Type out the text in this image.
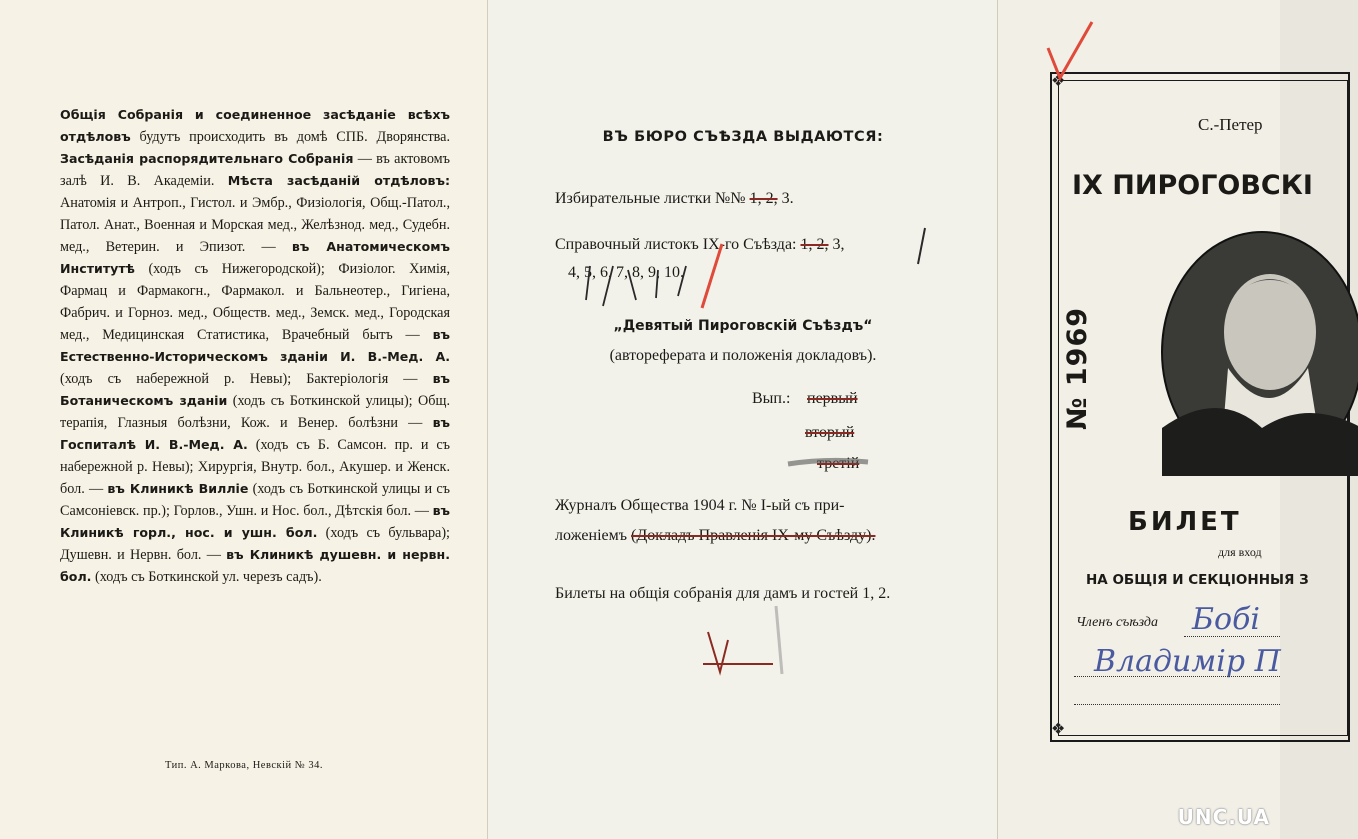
Общія Собранія и соединенное засѣданіе всѣхъ отдѣловъ будутъ происходить въ домѣ СПБ. Дворянства. Засѣданія распорядительнаго Собранія — въ актовомъ залѣ И. В. Академіи. Мѣста засѣданій отдѣловъ: Анатомія и Антроп., Гистол. и Эмбр., Физіологія, Общ.-Патол., Патол. Анат., Военная и Морская мед., Желѣзнод. мед., Судебн. мед., Ветерин. и Эпизот. — въ Анатомическомъ Институтѣ (ходъ съ Нижегородской); Физіолог. Химія, Фармац и Фармакогн., Фармакол. и Бальнеотер., Гигіена, Фабрич. и Горноз. мед., Обществ. мед., Земск. мед., Городская мед., Медицинская Статистика, Врачебный бытъ — въ Естественно-Историческомъ зданіи И. В.-Мед. А. (ходъ съ набережной р. Невы); Бактеріологія — въ Ботаническомъ зданіи (ходъ съ Боткинской улицы); Общ. терапія, Глазныя болѣзни, Кож. и Венер. болѣзни — въ Госпиталѣ И. В.-Мед. А. (ходъ съ Б. Самсон. пр. и съ набережной р. Невы); Хирургія, Внутр. бол., Акушер. и Женск. бол. — въ Клиникѣ Вилліе (ходъ съ Боткинской улицы и съ Самсоніевск. пр.); Горлов., Ушн. и Нос. бол., Дѣтскія бол. — въ Клиникѣ горл., нос. и ушн. бол. (ходъ съ бульвара); Душевн. и Нервн. бол. — въ Клиникѣ душевн. и нервн. бол. (ходъ съ Боткинской ул. черезъ садъ).
Тип. А. Маркова, Невскій № 34.
ВЪ БЮРО СЪѢЗДА ВЫДАЮТСЯ:
Избирательные листки №№ 1, 2, 3.
Справочный листокъ IX-го Съѣзда: 1, 2, 3,
4, 5, 6, 7, 8, 9, 10.
„Девятый Пироговскій Съѣздъ“
(автореферата и положенія докладовъ).
Вып.: первый
вторый
третій
Журналъ Общества 1904 г. № I-ый съ при-
ложеніемъ (Докладъ Правленія IX-му Съѣзду).
Билеты на общія собранія для дамъ и гостей 1, 2.
❖
❖
С.-Петер
IX ПИРОГОВСКІ
№ 1969
БИЛЕТ
для вход
НА ОБЩІЯ И СЕКЦІОННЫЯ З
Членъ съѣзда Бобі
Владимір П
UNC.UA
